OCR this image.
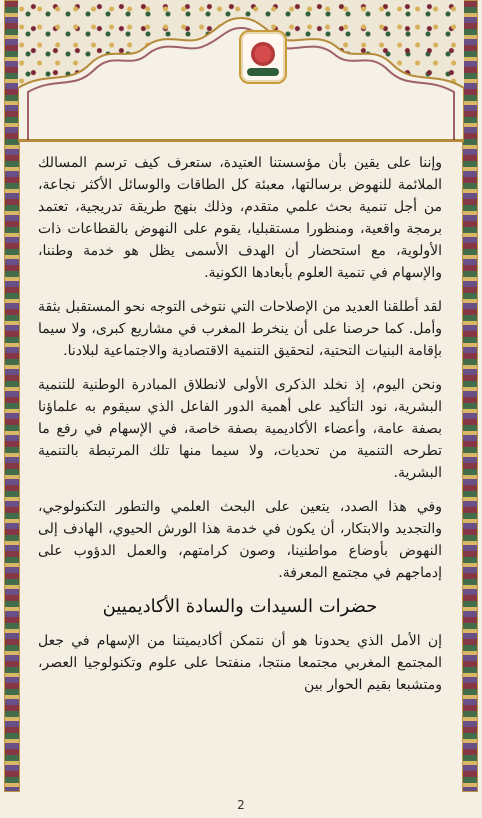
وإننا على يقين بأن مؤسستنا العتيدة، ستعرف كيف ترسم المسالك الملائمة للنهوض برسالتها، معبئة كل الطاقات والوسائل الأكثر نجاعة، من أجل تنمية بحث علمي متقدم، وذلك بنهج طريقة تدريجية، تعتمد برمجة واقعية، ومنظورا مستقبليا، يقوم على النهوض بالقطاعات ذات الأولوية، مع استحضار أن الهدف الأسمى يظل هو خدمة وطننا، والإسهام في تنمية العلوم بأبعادها الكونية.

لقد أطلقنا العديد من الإصلاحات التي نتوخى التوجه نحو المستقبل بثقة وأمل. كما حرصنا على أن ينخرط المغرب في مشاريع كبرى، ولا سيما بإقامة البنيات التحتية، لتحقيق التنمية الاقتصادية والاجتماعية لبلادنا.

ونحن اليوم، إذ نخلد الذكرى الأولى لانطلاق المبادرة الوطنية للتنمية البشرية، نود التأكيد على أهمية الدور الفاعل الذي سيقوم به علماؤنا بصفة عامة، وأعضاء الأكاديمية بصفة خاصة، في الإسهام في رفع ما تطرحه التنمية من تحديات، ولا سيما منها تلك المرتبطة بالتنمية البشرية.

وفي هذا الصدد، يتعين على البحث العلمي والتطور التكنولوجي، والتجديد والابتكار، أن يكون في خدمة هذا الورش الحيوي، الهادف إلى النهوض بأوضاع مواطنينا، وصون كرامتهم، والعمل الدؤوب على إدماجهم في مجتمع المعرفة.

حضرات السيدات والسادة الأكاديميين

إن الأمل الذي يحدونا هو أن نتمكن أكاديميتنا من الإسهام في جعل المجتمع المغربي مجتمعا منتجا، منفتحا على علوم وتكنولوجيا العصر، ومتشبعا بقيم الحوار بين

2
